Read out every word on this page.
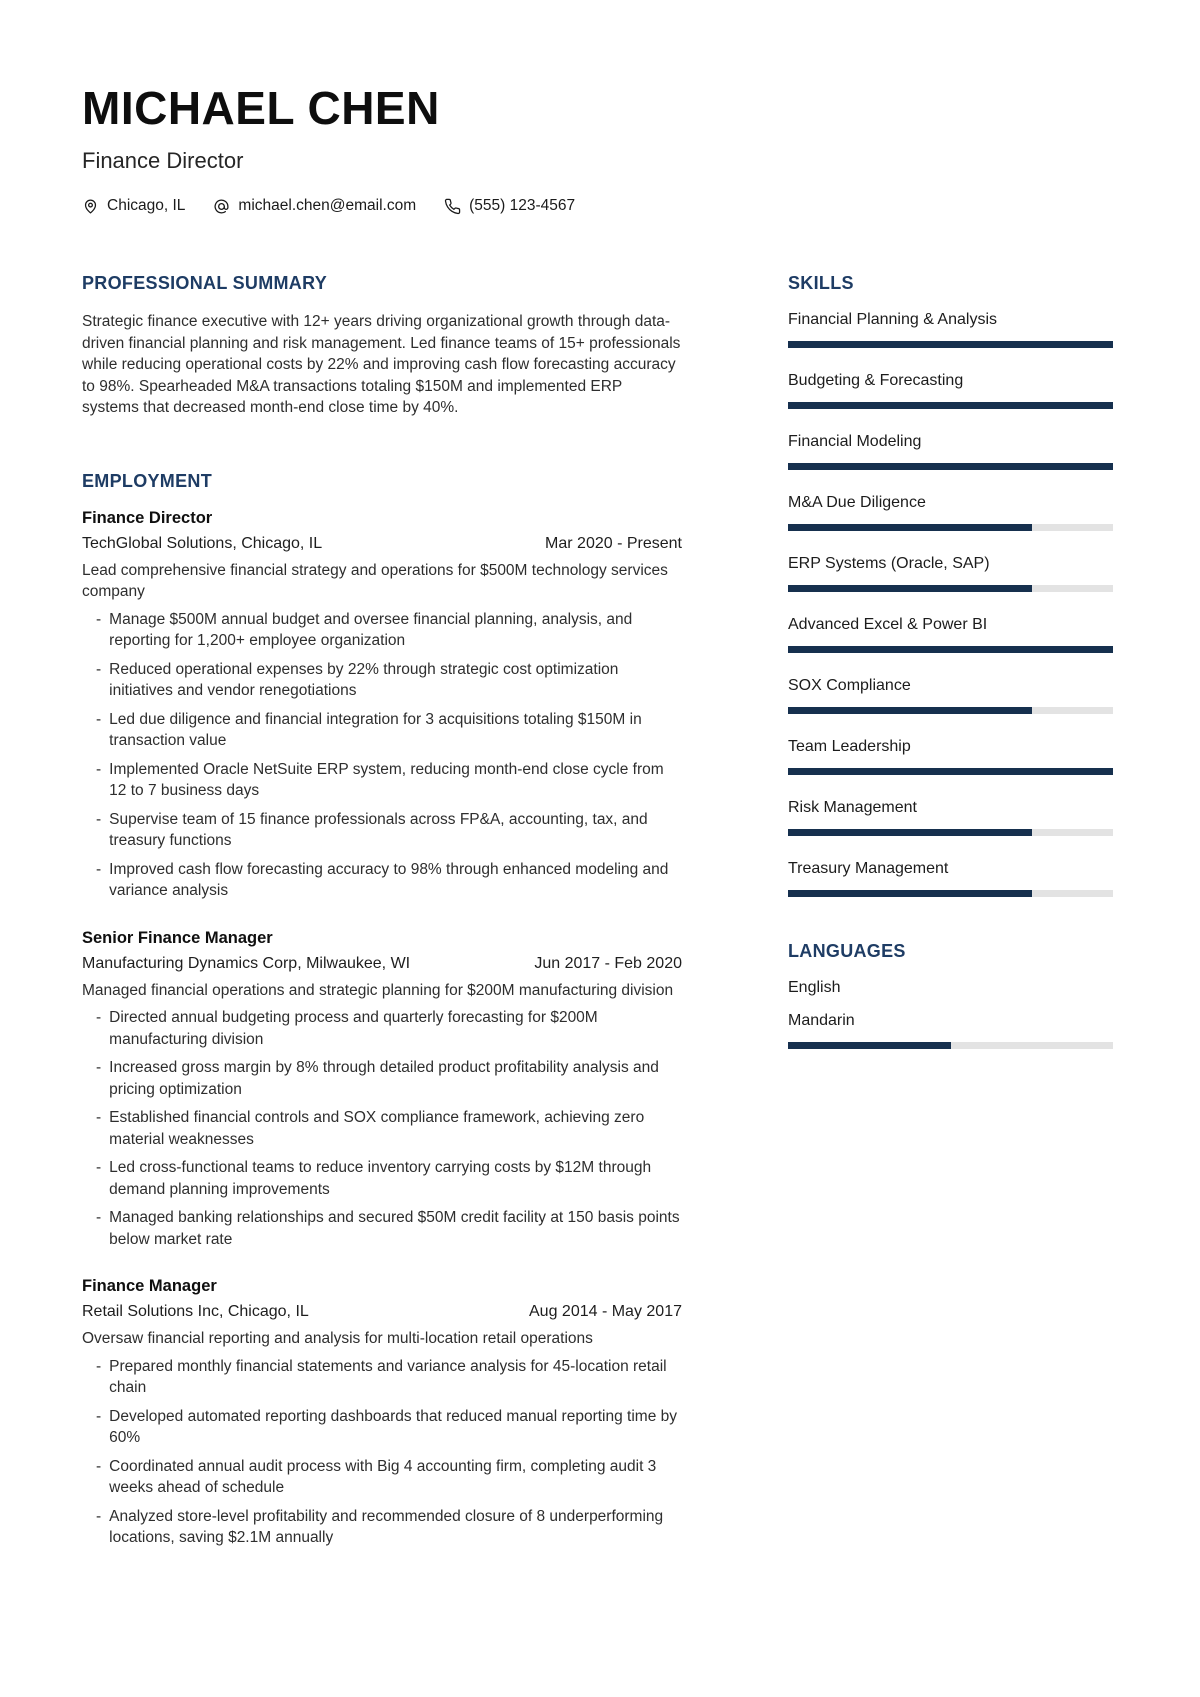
MICHAEL CHEN
Finance Director
Chicago, IL	michael.chen@email.com	(555) 123-4567
PROFESSIONAL SUMMARY

Strategic finance executive with 12+ years driving organizational growth through data-driven financial planning and risk management. Led finance teams of 15+ professionals while reducing operational costs by 22% and improving cash flow forecasting accuracy to 98%. Spearheaded M&A transactions totaling $150M and implemented ERP systems that decreased month-end close time by 40%.

EMPLOYMENT
Finance Director
TechGlobal Solutions, Chicago, IL	Mar 2020 - Present

Lead comprehensive financial strategy and operations for $500M technology services company

- Manage $500M annual budget and oversee financial planning, analysis, and reporting for 1,200+ employee organization
- Reduced operational expenses by 22% through strategic cost optimization initiatives and vendor renegotiations
- Led due diligence and financial integration for 3 acquisitions totaling $150M in transaction value
- Implemented Oracle NetSuite ERP system, reducing month-end close cycle from 12 to 7 business days
- Supervise team of 15 finance professionals across FP&A, accounting, tax, and treasury functions
- Improved cash flow forecasting accuracy to 98% through enhanced modeling and variance analysis
Senior Finance Manager
Manufacturing Dynamics Corp, Milwaukee, WI	Jun 2017 - Feb 2020

Managed financial operations and strategic planning for $200M manufacturing division

- Directed annual budgeting process and quarterly forecasting for $200M manufacturing division
- Increased gross margin by 8% through detailed product profitability analysis and pricing optimization
- Established financial controls and SOX compliance framework, achieving zero material weaknesses
- Led cross-functional teams to reduce inventory carrying costs by $12M through demand planning improvements
- Managed banking relationships and secured $50M credit facility at 150 basis points below market rate
Finance Manager
Retail Solutions Inc, Chicago, IL	Aug 2014 - May 2017

Oversaw financial reporting and analysis for multi-location retail operations

- Prepared monthly financial statements and variance analysis for 45-location retail chain
- Developed automated reporting dashboards that reduced manual reporting time by 60%
- Coordinated annual audit process with Big 4 accounting firm, completing audit 3 weeks ahead of schedule
- Analyzed store-level profitability and recommended closure of 8 underperforming locations, saving $2.1M annually
SKILLS
Financial Planning & Analysis
Budgeting & Forecasting
Financial Modeling
M&A Due Diligence
ERP Systems (Oracle, SAP)
Advanced Excel & Power BI
SOX Compliance
Team Leadership
Risk Management
Treasury Management
LANGUAGES
English
Mandarin
